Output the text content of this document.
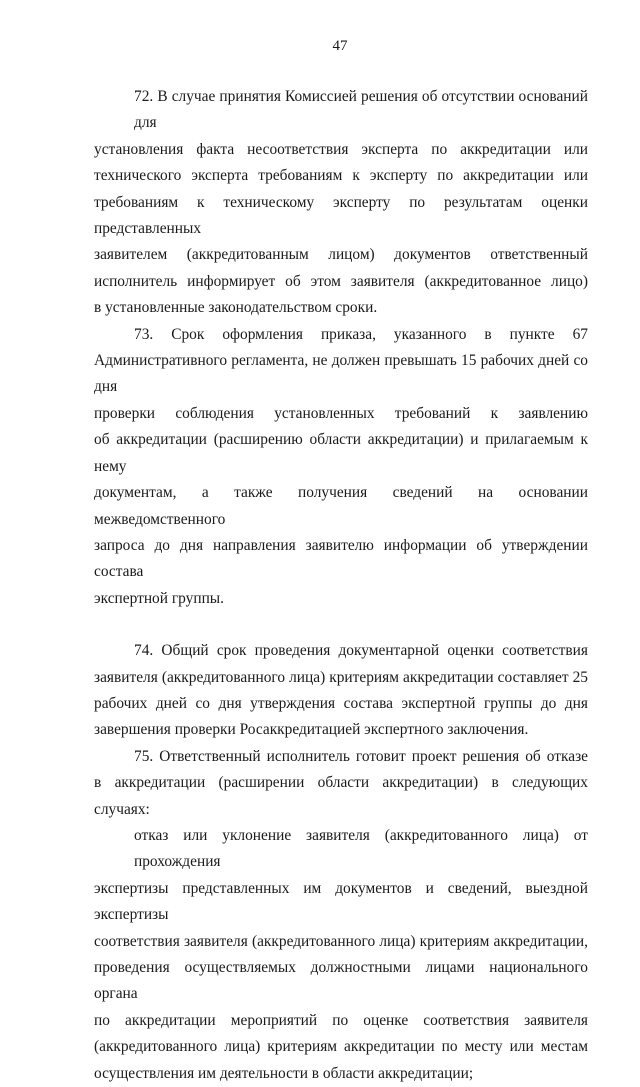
47

72. В случае принятия Комиссией решения об отсутствии оснований для
установления факта несоответствия эксперта по аккредитации или
технического эксперта требованиям к эксперту по аккредитации или
требованиям к техническому эксперту по результатам оценки представленных
заявителем (аккредитованным лицом) документов ответственный
исполнитель информирует об этом заявителя (аккредитованное лицо)
в установленные законодательством сроки.

73. Срок оформления приказа, указанного в пункте 67
Административного регламента, не должен превышать 15 рабочих дней со дня
проверки соблюдения установленных требований к заявлению
об аккредитации (расширению области аккредитации) и прилагаемым к нему
документам, а также получения сведений на основании межведомственного
запроса до дня направления заявителю информации об утверждении состава
экспертной группы.

74. Общий срок проведения документарной оценки соответствия
заявителя (аккредитованного лица) критериям аккредитации составляет 25
рабочих дней со дня утверждения состава экспертной группы до дня
завершения проверки Росаккредитацией экспертного заключения.

75. Ответственный исполнитель готовит проект решения об отказе
в аккредитации (расширении области аккредитации) в следующих случаях:

отказ или уклонение заявителя (аккредитованного лица) от прохождения
экспертизы представленных им документов и сведений, выездной экспертизы
соответствия заявителя (аккредитованного лица) критериям аккредитации,
проведения осуществляемых должностными лицами национального органа
по аккредитации мероприятий по оценке соответствия заявителя
(аккредитованного лица) критериям аккредитации по месту или местам
осуществления им деятельности в области аккредитации;
